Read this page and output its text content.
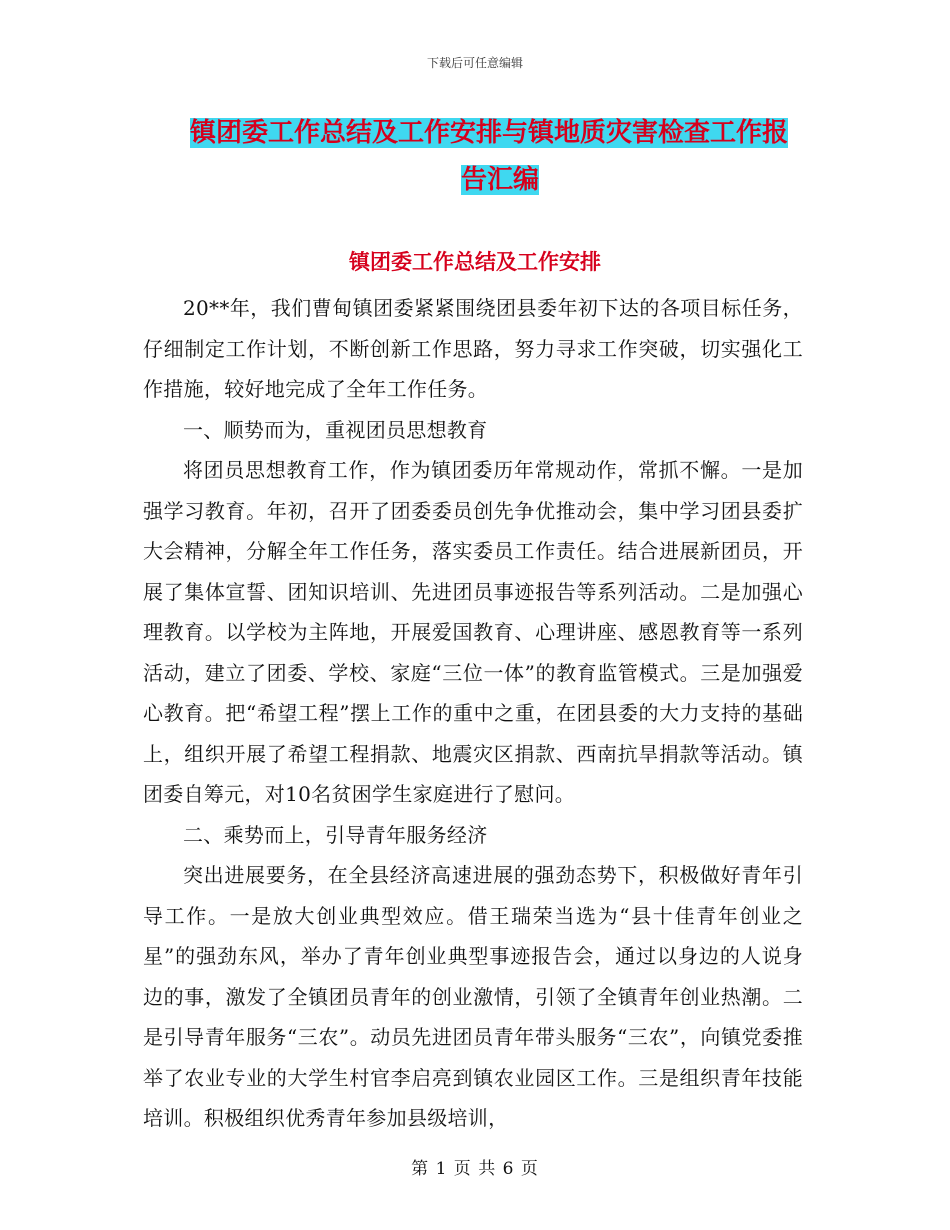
下载后可任意编辑
镇团委工作总结及工作安排与镇地质灾害检查工作报
告汇编
镇团委工作总结及工作安排

20**年，我们曹甸镇团委紧紧围绕团县委年初下达的各项目标任务，仔细制定工作计划，不断创新工作思路，努力寻求工作突破，切实强化工作措施，较好地完成了全年工作任务。

一、顺势而为，重视团员思想教育

将团员思想教育工作，作为镇团委历年常规动作，常抓不懈。一是加强学习教育。年初，召开了团委委员创先争优推动会，集中学习团县委扩大会精神，分解全年工作任务，落实委员工作责任。结合进展新团员，开展了集体宣誓、团知识培训、先进团员事迹报告等系列活动。二是加强心理教育。以学校为主阵地，开展爱国教育、心理讲座、感恩教育等一系列活动，建立了团委、学校、家庭“三位一体”的教育监管模式。三是加强爱心教育。把“希望工程”摆上工作的重中之重，在团县委的大力支持的基础上，组织开展了希望工程捐款、地震灾区捐款、西南抗旱捐款等活动。镇团委自筹元，对10名贫困学生家庭进行了慰问。

二、乘势而上，引导青年服务经济

突出进展要务，在全县经济高速进展的强劲态势下，积极做好青年引导工作。一是放大创业典型效应。借王瑞荣当选为“县十佳青年创业之星”的强劲东风，举办了青年创业典型事迹报告会，通过以身边的人说身边的事，激发了全镇团员青年的创业激情，引领了全镇青年创业热潮。二是引导青年服务“三农”。动员先进团员青年带头服务“三农”，向镇党委推举了农业专业的大学生村官李启亮到镇农业园区工作。三是组织青年技能培训。积极组织优秀青年参加县级培训，

第 1 页 共 6 页
